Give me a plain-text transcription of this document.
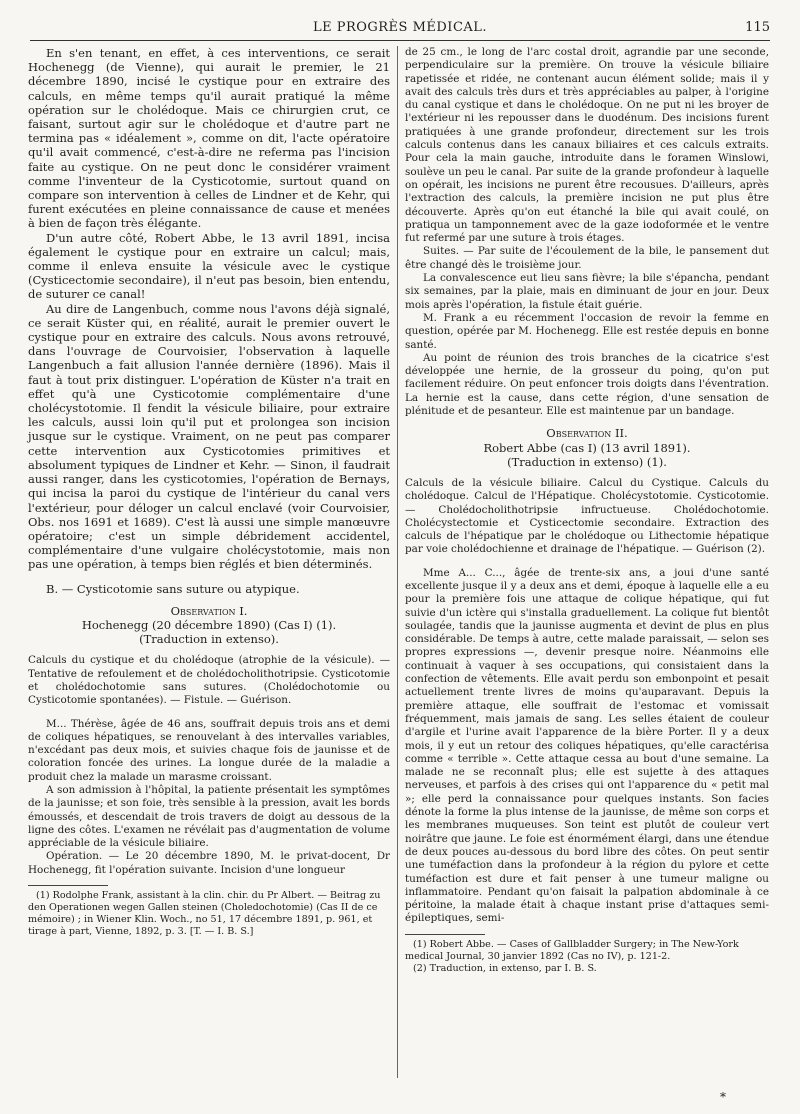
LE PROGRÈS MÉDICAL.	115

En s'en tenant, en effet, à ces interventions, ce serait Hochenegg (de Vienne), qui aurait le premier, le 21 décembre 1890, incisé le cystique pour en extraire des calculs, en même temps qu'il aurait pratiqué la même opération sur le cholédoque. Mais ce chirurgien crut, ce faisant, surtout agir sur le cholédoque et d'autre part ne termina pas « idéalement », comme on dit, l'acte opératoire qu'il avait commencé, c'est-à-dire ne referma pas l'incision faite au cystique. On ne peut donc le considérer vraiment comme l'inventeur de la Cysticotomie, surtout quand on compare son intervention à celles de Lindner et de Kehr, qui furent exécutées en pleine connaissance de cause et menées à bien de façon très élégante.

D'un autre côté, Robert Abbe, le 13 avril 1891, incisa également le cystique pour en extraire un calcul; mais, comme il enleva ensuite la vésicule avec le cystique (Cysticectomie secondaire), il n'eut pas besoin, bien entendu, de suturer ce canal!

Au dire de Langenbuch, comme nous l'avons déjà signalé, ce serait Küster qui, en réalité, aurait le premier ouvert le cystique pour en extraire des calculs. Nous avons retrouvé, dans l'ouvrage de Courvoisier, l'observation à laquelle Langenbuch a fait allusion l'année dernière (1896). Mais il faut à tout prix distinguer. L'opération de Küster n'a trait en effet qu'à une Cysticotomie complémentaire d'une cholécystotomie. Il fendit la vésicule biliaire, pour extraire les calculs, aussi loin qu'il put et prolongea son incision jusque sur le cystique. Vraiment, on ne peut pas comparer cette intervention aux Cysticotomies primitives et absolument typiques de Lindner et Kehr. — Sinon, il faudrait aussi ranger, dans les cysticotomies, l'opération de Bernays, qui incisa la paroi du cystique de l'intérieur du canal vers l'extérieur, pour déloger un calcul enclavé (voir Courvoisier, Obs. nos 1691 et 1689). C'est là aussi une simple manœuvre opératoire; c'est un simple débridement accidentel, complémentaire d'une vulgaire cholécystotomie, mais non pas une opération, à temps bien réglés et bien déterminés.

B. — Cysticotomie sans suture ou atypique.

Observation I.

Hochenegg (20 décembre 1890) (Cas I) (1).

(Traduction in extenso).

Calculs du cystique et du cholédoque (atrophie de la vésicule). — Tentative de refoulement et de cholédocholithotripsie. Cysticotomie et cholédochotomie sans sutures. (Cholédochotomie ou Cysticotomie spontanées). — Fistule. — Guérison.

M... Thérèse, âgée de 46 ans, souffrait depuis trois ans et demi de coliques hépatiques, se renouvelant à des intervalles variables, n'excédant pas deux mois, et suivies chaque fois de jaunisse et de coloration foncée des urines. La longue durée de la maladie a produit chez la malade un marasme croissant.

A son admission à l'hôpital, la patiente présentait les symptômes de la jaunisse; et son foie, très sensible à la pression, avait les bords émoussés, et descendait de trois travers de doigt au dessous de la ligne des côtes. L'examen ne révélait pas d'augmentation de volume appréciable de la vésicule biliaire.

Opération. — Le 20 décembre 1890, M. le privat-docent, Dr Hochenegg, fit l'opération suivante. Incision d'une longueur

(1) Rodolphe Frank, assistant à la clin. chir. du Pr Albert. — Beitrag zu den Operationen wegen Gallen steinen (Choledochotomie) (Cas II de ce mémoire) ; in Wiener Klin. Woch., no 51, 17 décembre 1891, p. 961, et tirage à part, Vienne, 1892, p. 3. [T. — I. B. S.]

de 25 cm., le long de l'arc costal droit, agrandie par une seconde, perpendiculaire sur la première. On trouve la vésicule biliaire rapetissée et ridée, ne contenant aucun élément solide; mais il y avait des calculs très durs et très appréciables au palper, à l'origine du canal cystique et dans le cholédoque. On ne put ni les broyer de l'extérieur ni les repousser dans le duodénum. Des incisions furent pratiquées à une grande profondeur, directement sur les trois calculs contenus dans les canaux biliaires et ces calculs extraits. Pour cela la main gauche, introduite dans le foramen Winslowi, soulève un peu le canal. Par suite de la grande profondeur à laquelle on opérait, les incisions ne purent être recousues. D'ailleurs, après l'extraction des calculs, la première incision ne put plus être découverte. Après qu'on eut étanché la bile qui avait coulé, on pratiqua un tamponnement avec de la gaze iodoformée et le ventre fut refermé par une suture à trois étages.

Suites. — Par suite de l'écoulement de la bile, le pansement dut être changé dès le troisième jour.

La convalescence eut lieu sans fièvre; la bile s'épancha, pendant six semaines, par la plaie, mais en diminuant de jour en jour. Deux mois après l'opération, la fistule était guérie.

M. Frank a eu récemment l'occasion de revoir la femme en question, opérée par M. Hochenegg. Elle est restée depuis en bonne santé.

Au point de réunion des trois branches de la cicatrice s'est développée une hernie, de la grosseur du poing, qu'on put facilement réduire. On peut enfoncer trois doigts dans l'éventration. La hernie est la cause, dans cette région, d'une sensation de plénitude et de pesanteur. Elle est maintenue par un bandage.

Observation II.

Robert Abbe (cas I) (13 avril 1891).

(Traduction in extenso) (1).

Calculs de la vésicule biliaire. Calcul du Cystique. Calculs du cholédoque. Calcul de l'Hépatique. Cholécystotomie. Cysticotomie. — Cholédocholithotripsie infructueuse. Cholédochotomie. Cholécystectomie et Cysticectomie secondaire. Extraction des calculs de l'hépatique par le cholédoque ou Lithectomie hépatique par voie cholédochienne et drainage de l'hépatique. — Guérison (2).

Mme A... C..., âgée de trente-six ans, a joui d'une santé excellente jusque il y a deux ans et demi, époque à laquelle elle a eu pour la première fois une attaque de colique hépatique, qui fut suivie d'un ictère qui s'installa graduellement. La colique fut bientôt soulagée, tandis que la jaunisse augmenta et devint de plus en plus considérable. De temps à autre, cette malade paraissait, — selon ses propres expressions —, devenir presque noire. Néanmoins elle continuait à vaquer à ses occupations, qui consistaient dans la confection de vêtements. Elle avait perdu son embonpoint et pesait actuellement trente livres de moins qu'auparavant. Depuis la première attaque, elle souffrait de l'estomac et vomissait fréquemment, mais jamais de sang. Les selles étaient de couleur d'argile et l'urine avait l'apparence de la bière Porter. Il y a deux mois, il y eut un retour des coliques hépatiques, qu'elle caractérisa comme « terrible ». Cette attaque cessa au bout d'une semaine. La malade ne se reconnaît plus; elle est sujette à des attaques nerveuses, et parfois à des crises qui ont l'apparence du « petit mal »; elle perd la connaissance pour quelques instants. Son facies dénote la forme la plus intense de la jaunisse, de même son corps et les membranes muqueuses. Son teint est plutôt de couleur vert noirâtre que jaune. Le foie est énormément élargi, dans une étendue de deux pouces au-dessous du bord libre des côtes. On peut sentir une tuméfaction dans la profondeur à la région du pylore et cette tuméfaction est dure et fait penser à une tumeur maligne ou inflammatoire. Pendant qu'on faisait la palpation abdominale à ce péritoine, la malade était à chaque instant prise d'attaques semi-épileptiques, semi-

(1) Robert Abbe. — Cases of Gallbladder Surgery; in The New-York medical Journal, 30 janvier 1892 (Cas no IV), p. 121-2.

(2) Traduction, in extenso, par I. B. S.

*
